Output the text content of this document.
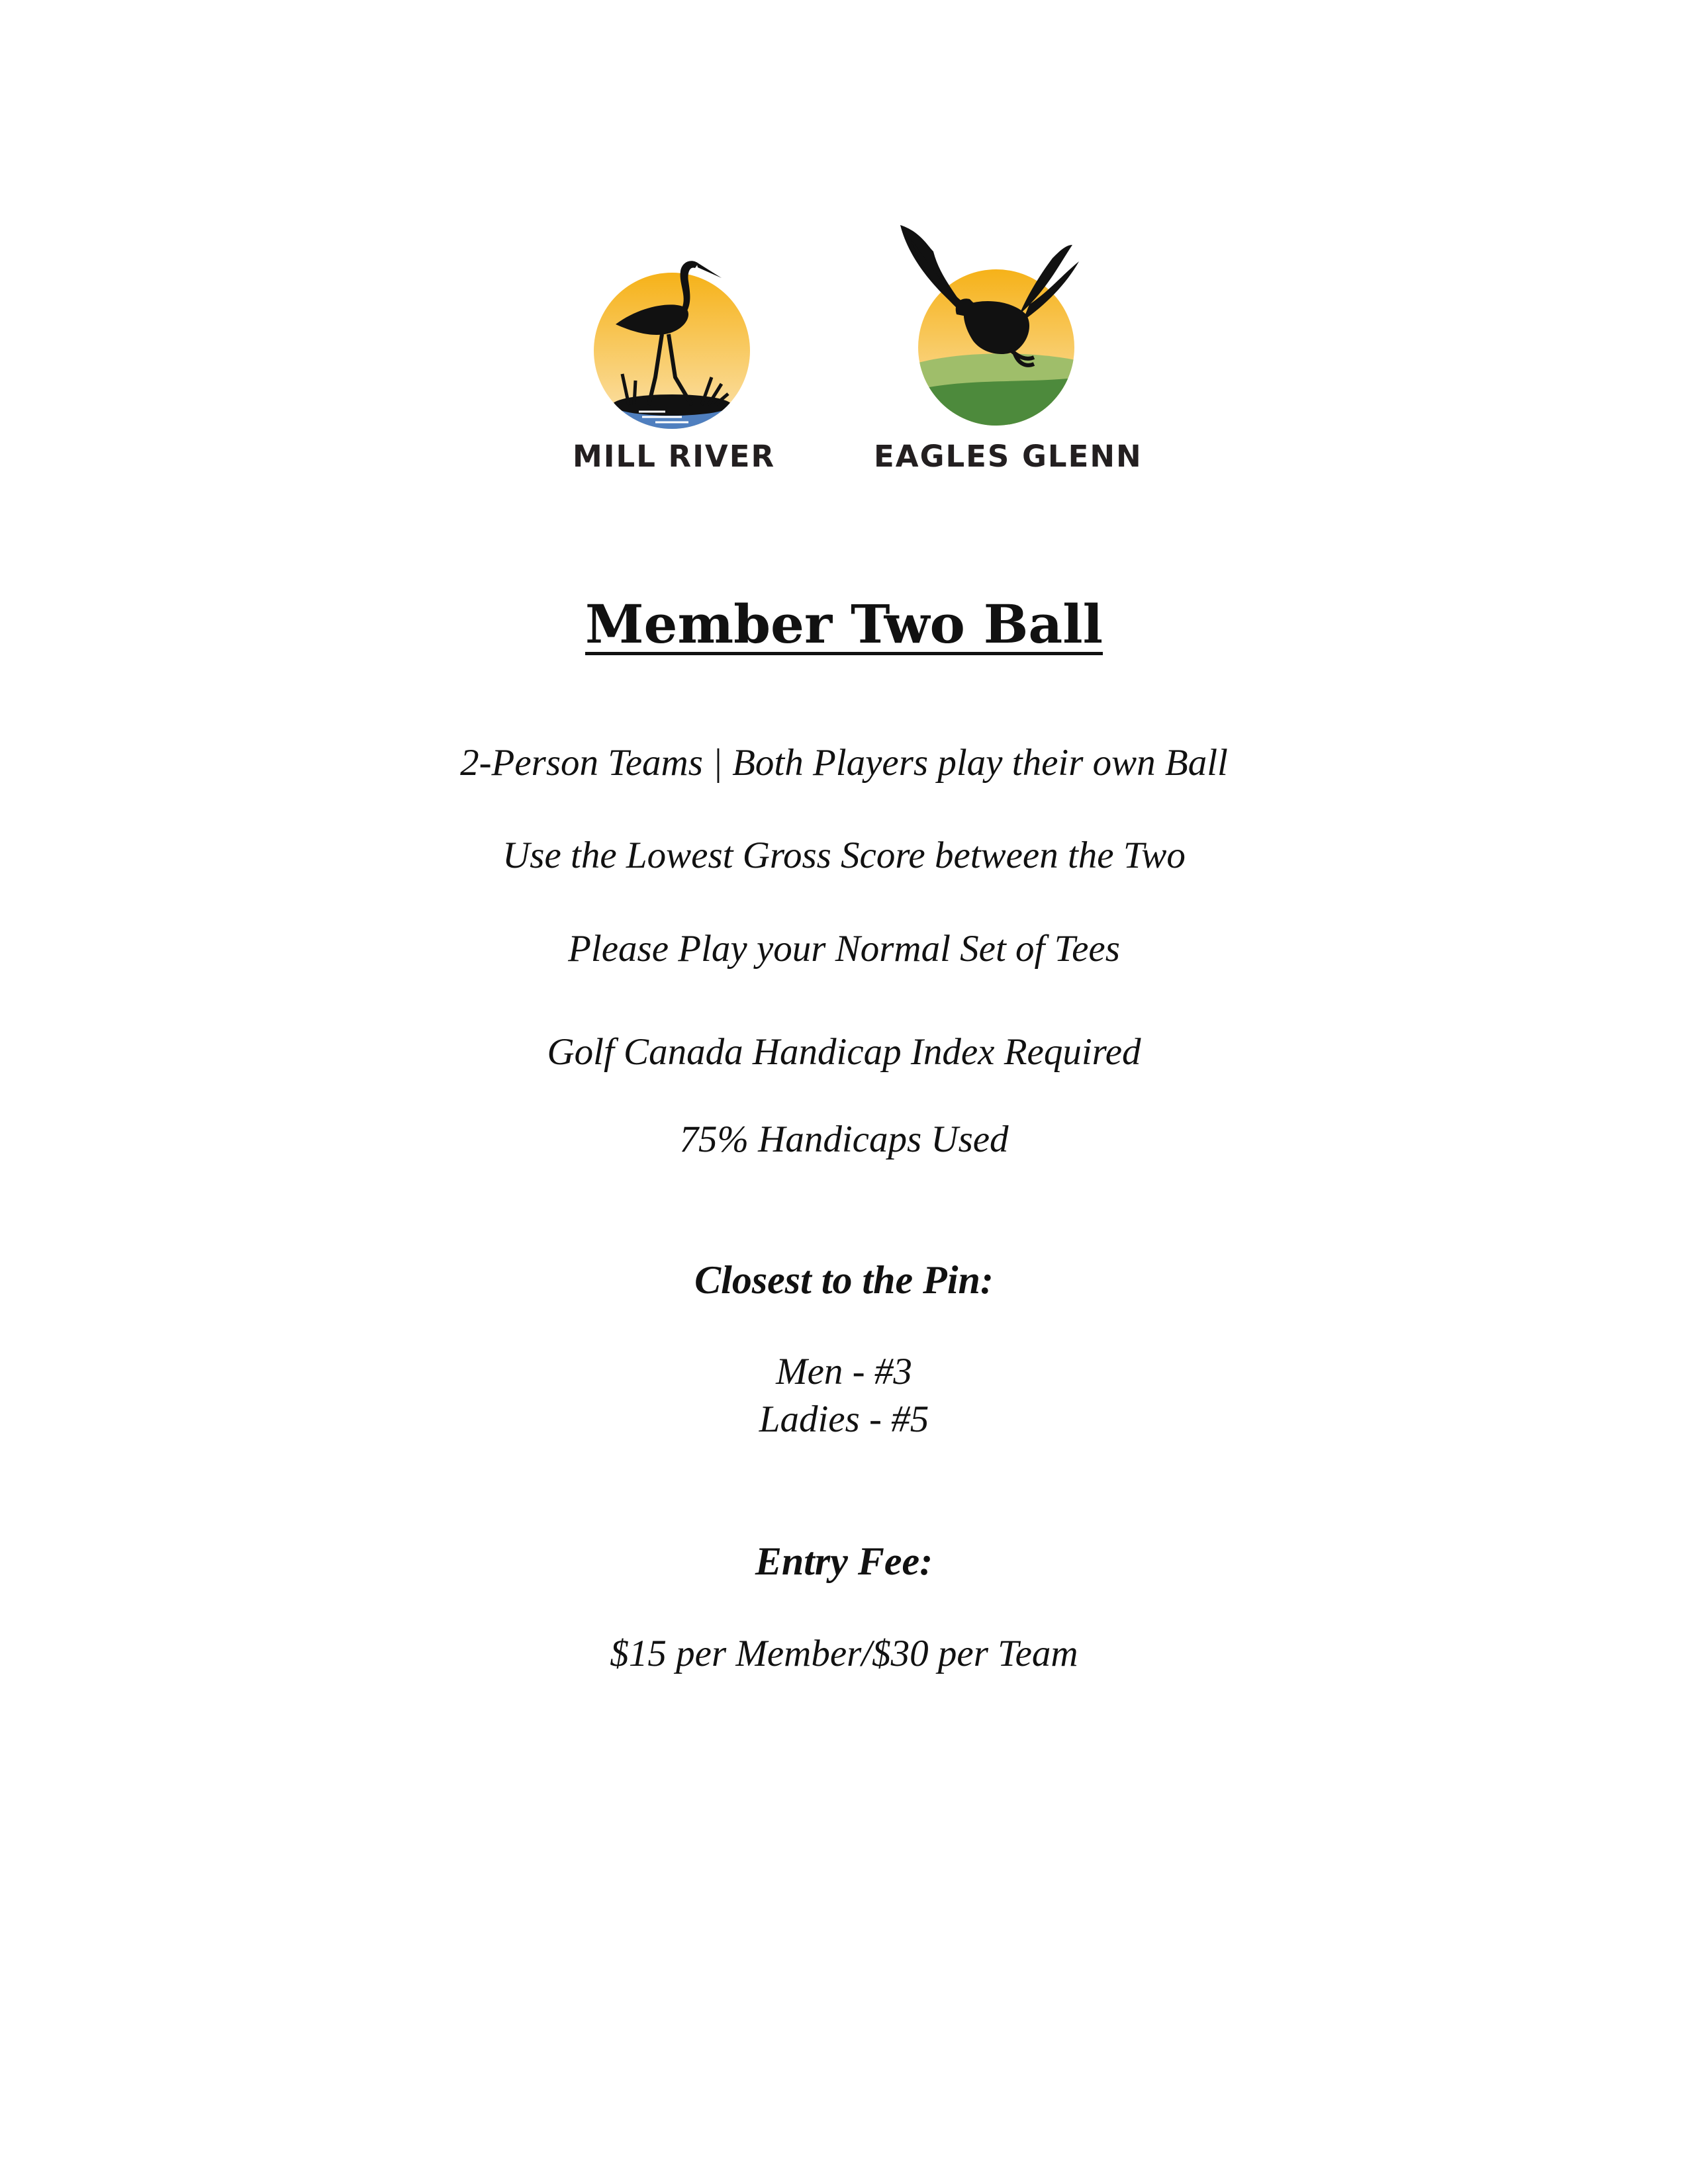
MILL RIVER	EAGLES GLENN
Member Two Ball
2-Person Teams | Both Players play their own Ball
Use the Lowest Gross Score between the Two
Please Play your Normal Set of Tees
Golf Canada Handicap Index Required
75% Handicaps Used
Closest to the Pin:
Men - #3
Ladies - #5
Entry Fee:
$15 per Member/$30 per Team
